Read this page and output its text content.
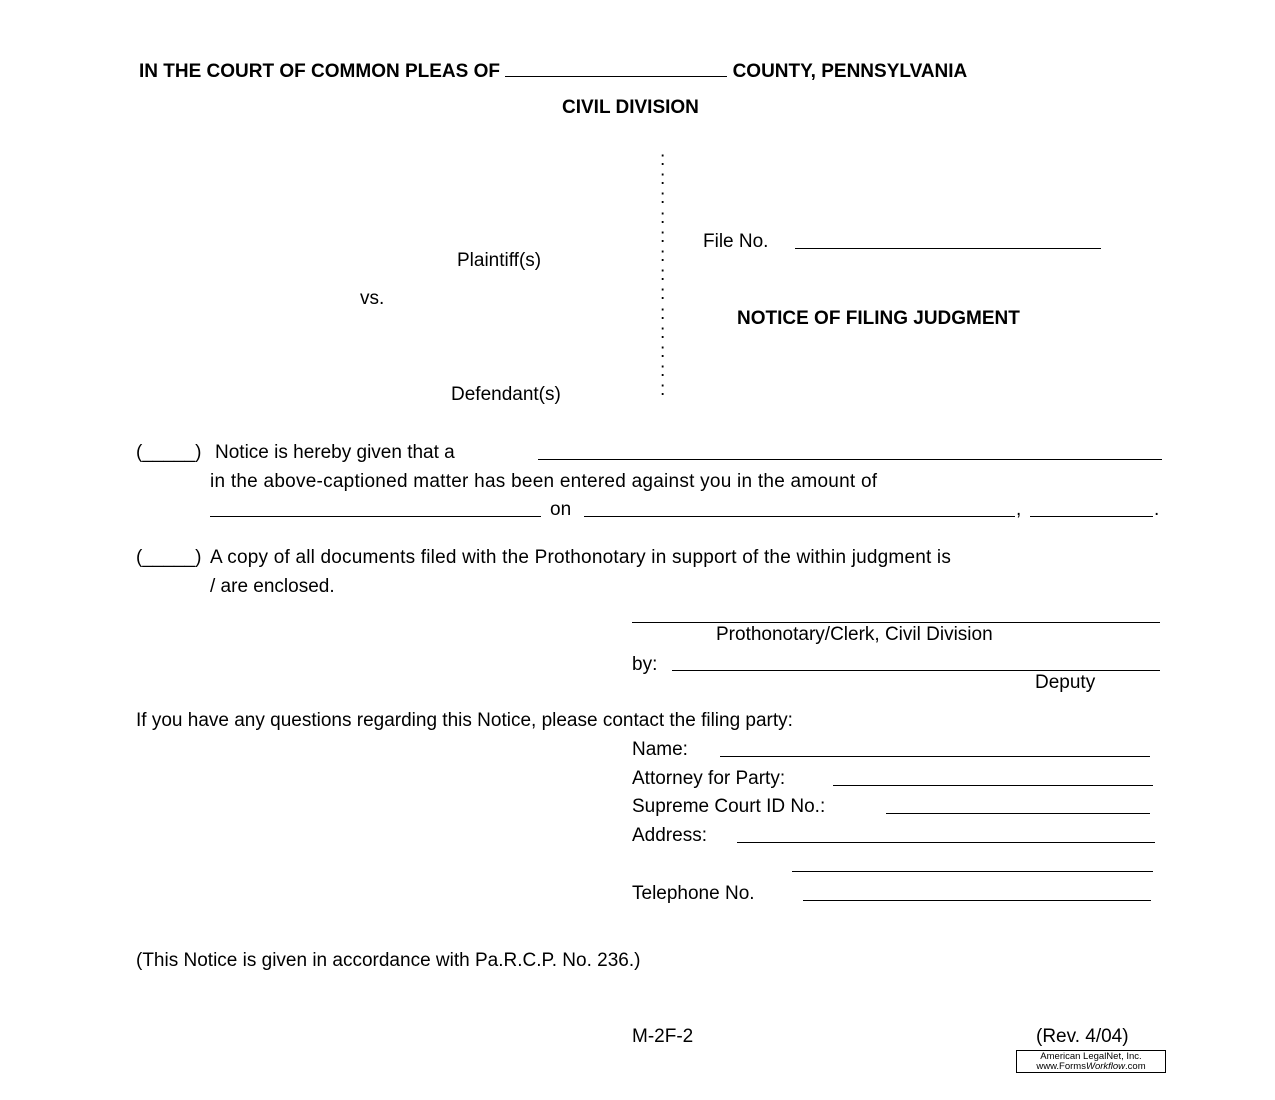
IN THE COURT OF COMMON PLEAS OF	COUNTY, PENNSYLVANIA
CIVIL DIVISION
:
:
:
:
:
:
:
:
:
:
:
:
:
Plaintiff(s)
vs.
Defendant(s)
File No.
NOTICE OF FILING JUDGMENT
(_____) Notice is hereby given that a
in the above-captioned matter has been entered against you in the amount of
on	,	.
(_____) A copy of all documents filed with the Prothonotary in support of the within judgment is
/ are enclosed.
Prothonotary/Clerk, Civil Division
by:
Deputy
If you have any questions regarding this Notice, please contact the filing party:
Name:
Attorney for Party:
Supreme Court ID No.:
Address:
Telephone No.
(This Notice is given in accordance with Pa.R.C.P. No. 236.)
M-2F-2	(Rev. 4/04)
American LegalNet, Inc.
www.FormsWorkflow.com
